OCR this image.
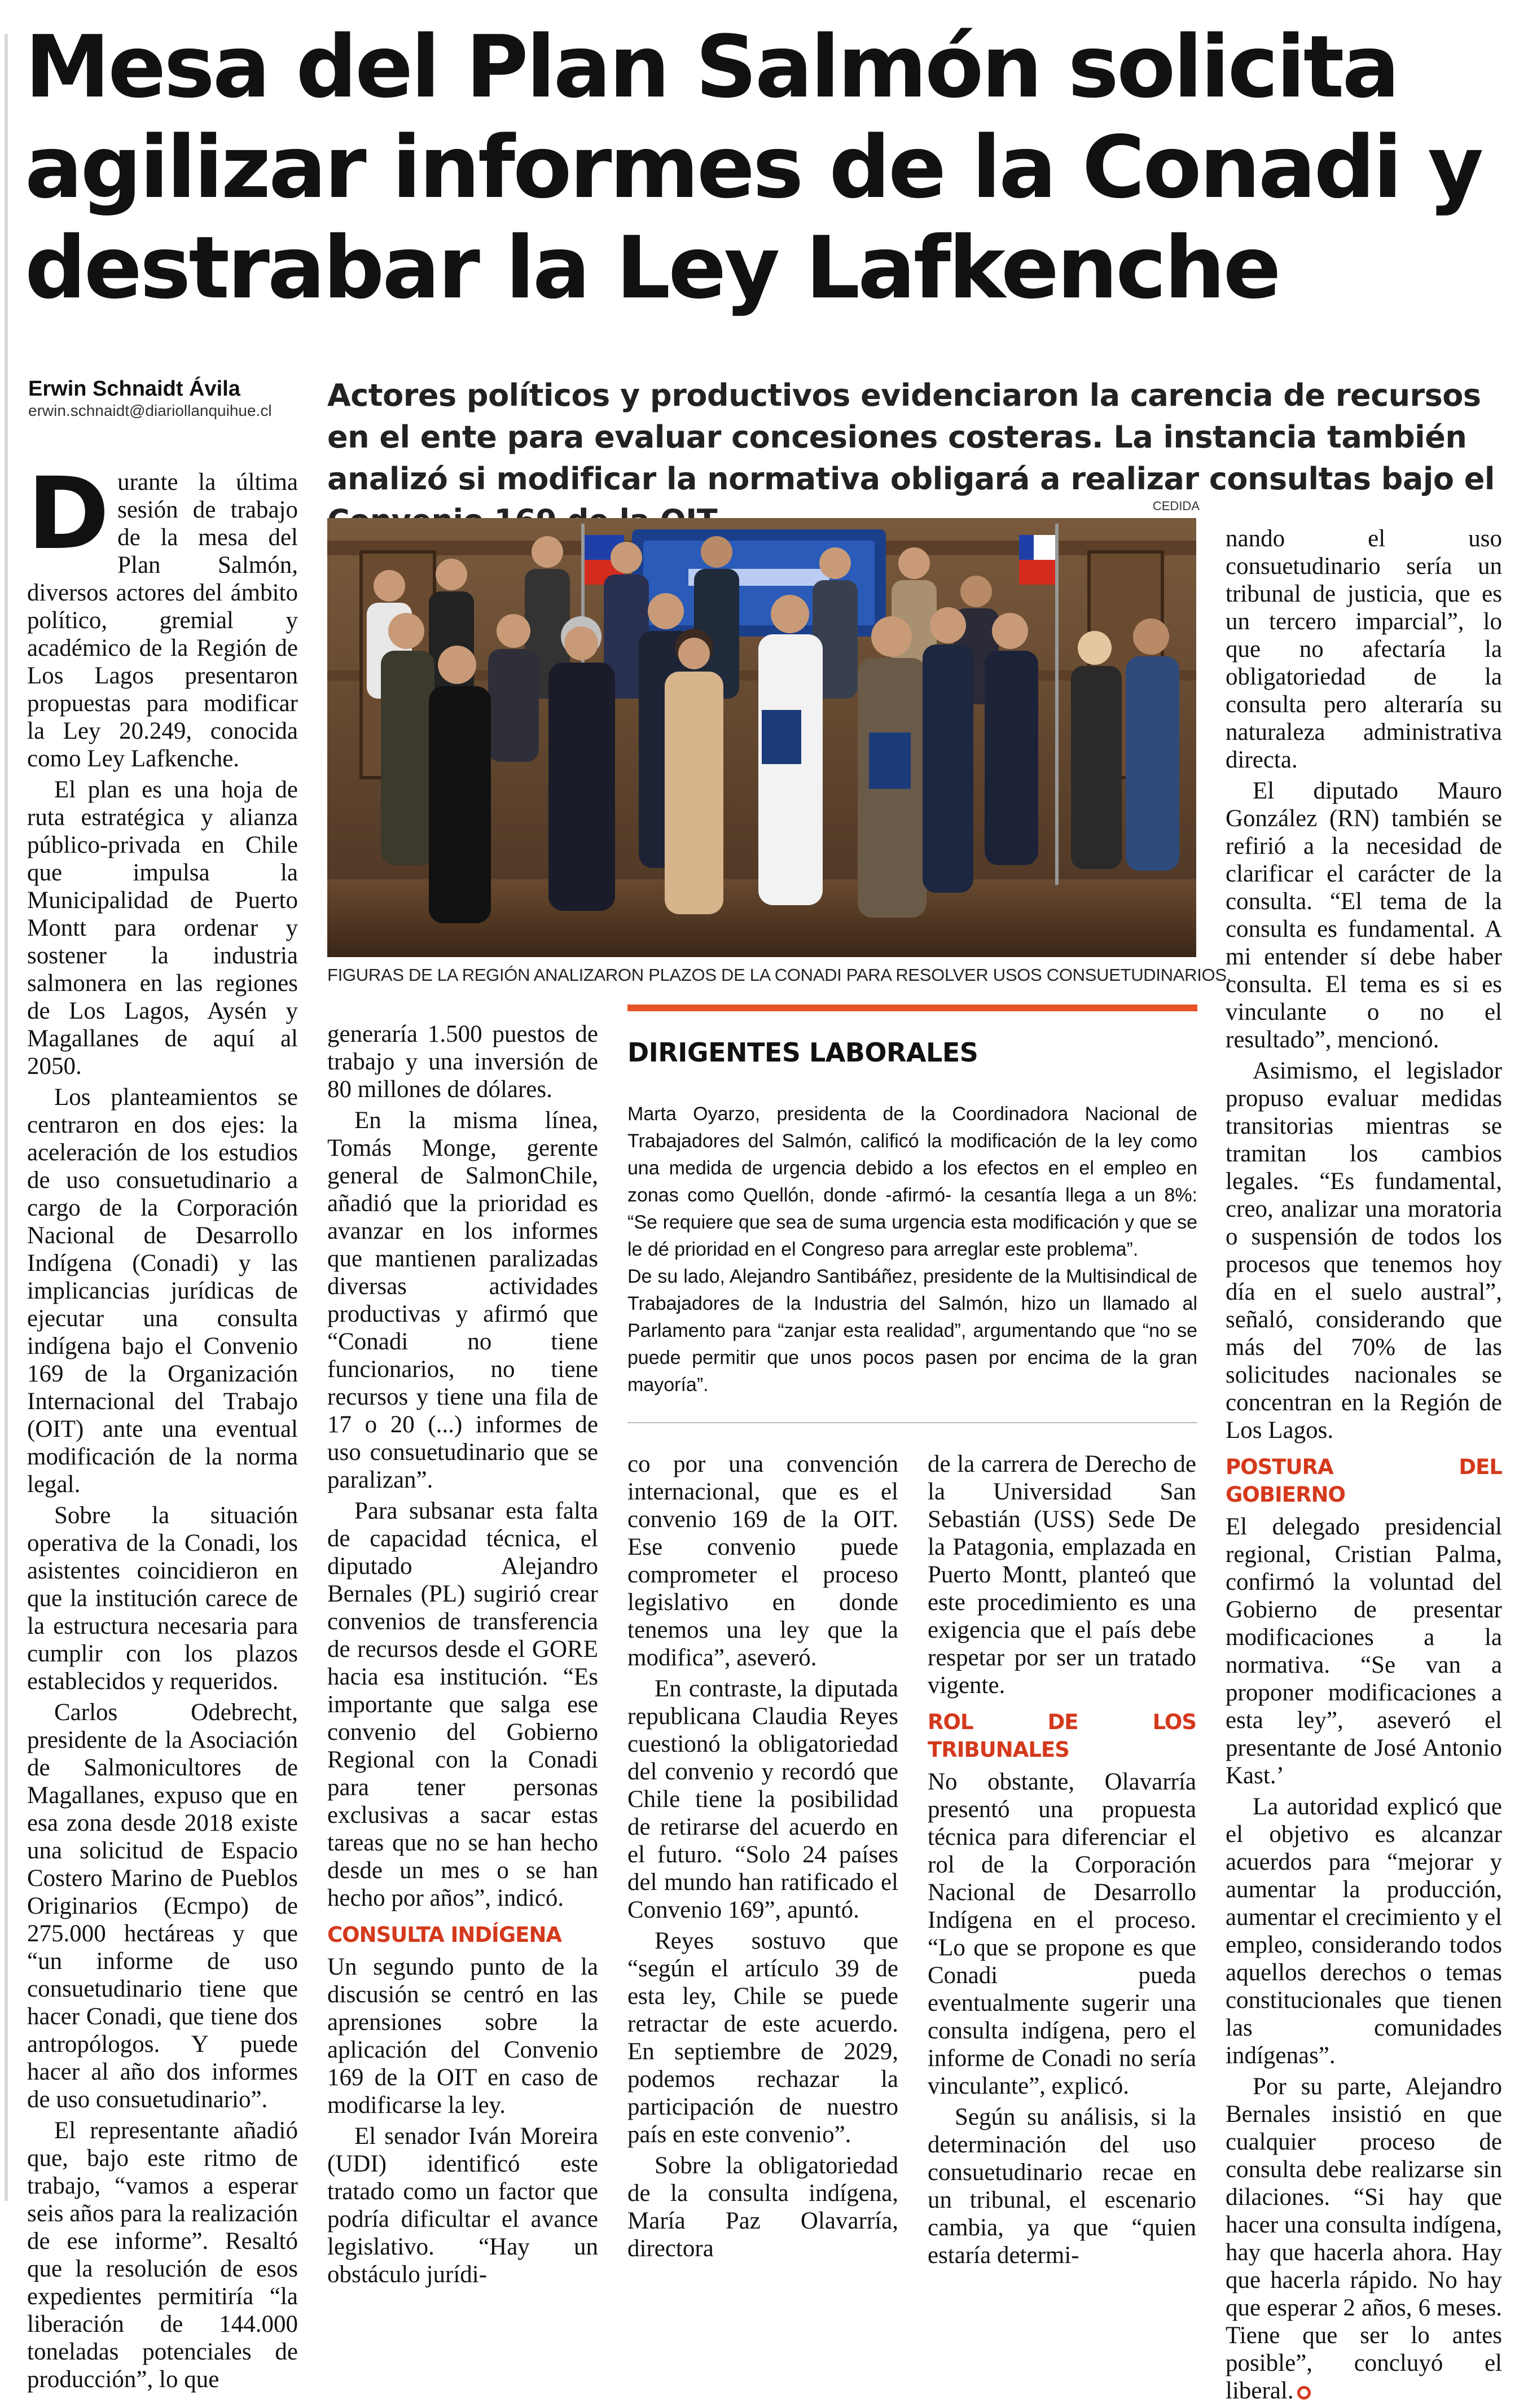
Mesa del Plan Salmón solicita agilizar informes de la Conadi y destrabar la Ley Lafkenche
Erwin Schnaidt Ávila
erwin.schnaidt@diariollanquihue.cl Actores políticos y productivos evidenciaron la carencia de recursos en el ente para evaluar concesiones costeras. La instancia también analizó si modificar la normativa obligará a realizar consultas bajo el

CEDIDA
FIGURAS DE LA REGIÓN ANALIZARON PLAZOS DE LA CONADI PARA RESOLVER USOS CONSUETUDINARIOS.

Durante la última sesión de trabajo de la mesa del Plan Salmón, diversos actores del ámbito político, gremial y académico de la Región de Los Lagos presentaron propuestas para modificar la Ley 20.249, conocida como Ley Lafkenche.

El plan es una hoja de ruta estratégica y alianza público-privada en Chile que impulsa la Municipalidad de Puerto Montt para ordenar y sostener la industria salmonera en las regiones de Los Lagos, Aysén y Magallanes de aquí al 2050.

Los planteamientos se centraron en dos ejes: la aceleración de los estudios de uso consuetudinario a cargo de la Corporación Nacional de Desarrollo Indígena (Conadi) y las implicancias jurídicas de ejecutar una consulta indígena bajo el Convenio 169 de la Organización Internacional del Trabajo (OIT) ante una eventual modificación de la norma legal.

Sobre la situación operativa de la Conadi, los asistentes coincidieron en que la institución carece de la estructura necesaria para cumplir con los plazos establecidos y requeridos.

Carlos Odebrecht, presidente de la Asociación de Salmonicultores de Magallanes, expuso que en esa zona desde 2018 existe una solicitud de Espacio Costero Marino de Pueblos Originarios (Ecmpo) de 275.000 hectáreas y que “un informe de uso consuetudinario tiene que hacer Conadi, que tiene dos antropólogos. Y puede hacer al año dos informes de uso consuetudinario”.

El representante añadió que, bajo este ritmo de trabajo, “vamos a esperar seis años para la realización de ese informe”. Resaltó que la resolución de esos expedientes permitiría “la liberación de 144.000 toneladas potenciales de producción”, lo que

generaría 1.500 puestos de trabajo y una inversión de 80 millones de dólares.

En la misma línea, Tomás Monge, gerente general de SalmonChile, añadió que la prioridad es avanzar en los informes que mantienen paralizadas diversas actividades productivas y afirmó que “Conadi no tiene funcionarios, no tiene recursos y tiene una fila de 17 o 20 (...) informes de uso consuetudinario que se paralizan”.

Para subsanar esta falta de capacidad técnica, el diputado Alejandro Bernales (PL) sugirió crear convenios de transferencia de recursos desde el GORE hacia esa institución. “Es importante que salga ese convenio del Gobierno Regional con la Conadi para tener personas exclusivas a sacar estas tareas que no se han hecho desde un mes o se han hecho por años”, indicó.

CONSULTA INDÍGENA

Un segundo punto de la discusión se centró en las aprensiones sobre la aplicación del Convenio 169 de la OIT en caso de modificarse la ley.

El senador Iván Moreira (UDI) identificó este tratado como un factor que podría dificultar el avance legislativo. “Hay un obstáculo jurídi-

DIRIGENTES LABORALES

Marta Oyarzo, presidenta de la Coordinadora Nacional de Trabajadores del Salmón, calificó la modificación de la ley como una medida de urgencia debido a los efectos en el empleo en zonas como Quellón, donde -afirmó- la cesantía llega a un 8%: “Se requiere que sea de suma urgencia esta modificación y que se le dé prioridad en el Congreso para arreglar este problema”.

De su lado, Alejandro Santibáñez, presidente de la Multisindical de Trabajadores de la Industria del Salmón, hizo un llamado al Parlamento para “zanjar esta realidad”, argumentando que “no se puede permitir que unos pocos pasen por encima de la gran mayoría”.

co por una convención internacional, que es el convenio 169 de la OIT. Ese convenio puede comprometer el proceso legislativo en donde tenemos una ley que la modifica”, aseveró.

En contraste, la diputada republicana Claudia Reyes cuestionó la obligatoriedad del convenio y recordó que Chile tiene la posibilidad de retirarse del acuerdo en el futuro. “Solo 24 países del mundo han ratificado el Convenio 169”, apuntó.

Reyes sostuvo que “según el artículo 39 de esta ley, Chile se puede retractar de este acuerdo. En septiembre de 2029, podemos rechazar la participación de nuestro país en este convenio”.

Sobre la obligatoriedad de la consulta indígena, María Paz Olavarría, directora

de la carrera de Derecho de la Universidad San Sebastián (USS) Sede De la Patagonia, emplazada en Puerto Montt, planteó que este procedimiento es una exigencia que el país debe respetar por ser un tratado vigente.

ROL DE LOS TRIBUNALES

No obstante, Olavarría presentó una propuesta técnica para diferenciar el rol de la Corporación Nacional de Desarrollo Indígena en el proceso. “Lo que se propone es que Conadi pueda eventualmente sugerir una consulta indígena, pero el informe de Conadi no sería vinculante”, explicó.

Según su análisis, si la determinación del uso consuetudinario recae en un tribunal, el escenario cambia, ya que “quien estaría determi-

nando el uso consuetudinario sería un tribunal de justicia, que es un tercero imparcial”, lo que no afectaría la obligatoriedad de la consulta pero alteraría su naturaleza administrativa directa.

El diputado Mauro González (RN) también se refirió a la necesidad de clarificar el carácter de la consulta. “El tema de la consulta es fundamental. A mi entender sí debe haber consulta. El tema es si es vinculante o no el resultado”, mencionó.

Asimismo, el legislador propuso evaluar medidas transitorias mientras se tramitan los cambios legales. “Es fundamental, creo, analizar una moratoria o suspensión de todos los procesos que tenemos hoy día en el suelo austral”, señaló, considerando que más del 70% de las solicitudes nacionales se concentran en la Región de Los Lagos.

POSTURA DEL GOBIERNO

El delegado presidencial regional, Cristian Palma, confirmó la voluntad del Gobierno de presentar modificaciones a la normativa. “Se van a proponer modificaciones a esta ley”, aseveró el presentante de José Antonio Kast.’

La autoridad explicó que el objetivo es alcanzar acuerdos para “mejorar y aumentar la producción, aumentar el crecimiento y el empleo, considerando todos aquellos derechos o temas constitucionales que tienen las comunidades indígenas”.

Por su parte, Alejandro Bernales insistió en que cualquier proceso de consulta debe realizarse sin dilaciones. “Si hay que hacer una consulta indígena, hay que hacerla ahora. Hay que hacerla rápido. No hay que esperar 2 años, 6 meses. Tiene que ser lo antes posible”, concluyó el liberal.
